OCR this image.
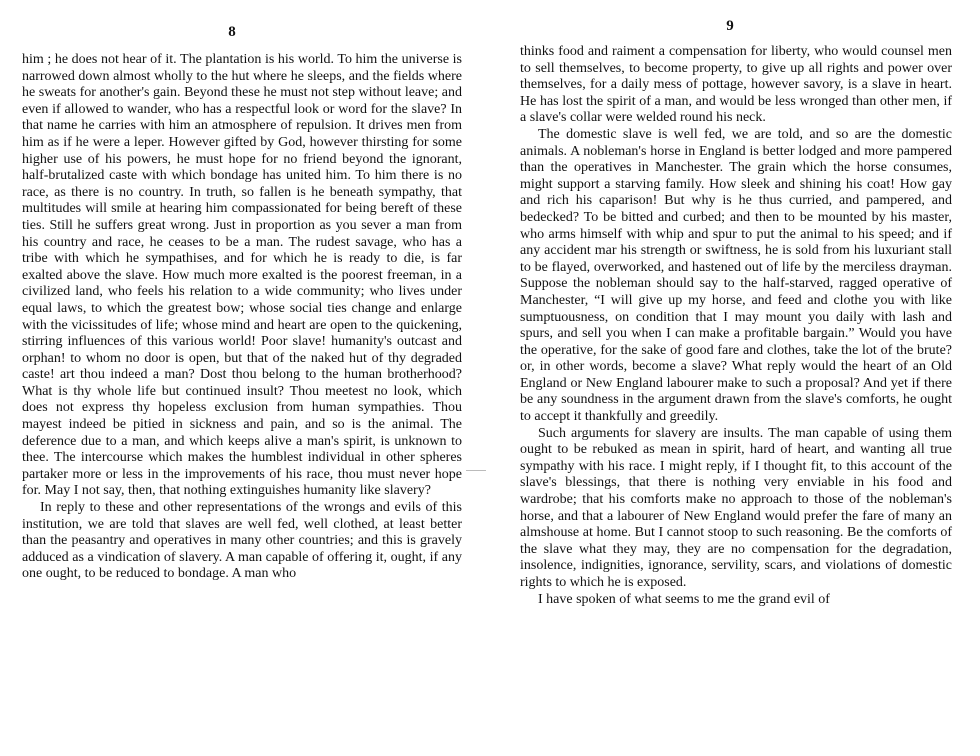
8

him ; he does not hear of it. The plantation is his world. To him the universe is narrowed down almost wholly to the hut where he sleeps, and the fields where he sweats for another's gain. Beyond these he must not step without leave; and even if allowed to wander, who has a respectful look or word for the slave? In that name he carries with him an atmosphere of repulsion. It drives men from him as if he were a leper. However gifted by God, however thirsting for some higher use of his powers, he must hope for no friend beyond the ignorant, half-brutalized caste with which bondage has united him. To him there is no race, as there is no country. In truth, so fallen is he beneath sympathy, that multitudes will smile at hearing him compassionated for being bereft of these ties. Still he suffers great wrong. Just in proportion as you sever a man from his country and race, he ceases to be a man. The rudest savage, who has a tribe with which he sympathises, and for which he is ready to die, is far exalted above the slave. How much more exalted is the poorest freeman, in a civilized land, who feels his relation to a wide community; who lives under equal laws, to which the greatest bow; whose social ties change and enlarge with the vicissitudes of life; whose mind and heart are open to the quickening, stirring influences of this various world! Poor slave! humanity's outcast and orphan! to whom no door is open, but that of the naked hut of thy degraded caste! art thou indeed a man? Dost thou belong to the human brotherhood? What is thy whole life but continued insult? Thou meetest no look, which does not express thy hopeless exclusion from human sympathies. Thou mayest indeed be pitied in sickness and pain, and so is the animal. The deference due to a man, and which keeps alive a man's spirit, is unknown to thee. The intercourse which makes the humblest individual in other spheres partaker more or less in the improvements of his race, thou must never hope for. May I not say, then, that nothing extinguishes humanity like slavery?

In reply to these and other representations of the wrongs and evils of this institution, we are told that slaves are well fed, well clothed, at least better than the peasantry and operatives in many other countries; and this is gravely adduced as a vindication of slavery. A man capable of offering it, ought, if any one ought, to be reduced to bondage. A man who

9

thinks food and raiment a compensation for liberty, who would counsel men to sell themselves, to become property, to give up all rights and power over themselves, for a daily mess of pottage, however savory, is a slave in heart. He has lost the spirit of a man, and would be less wronged than other men, if a slave's collar were welded round his neck.

The domestic slave is well fed, we are told, and so are the domestic animals. A nobleman's horse in England is better lodged and more pampered than the operatives in Manchester. The grain which the horse consumes, might support a starving family. How sleek and shining his coat! How gay and rich his caparison! But why is he thus curried, and pampered, and bedecked? To be bitted and curbed; and then to be mounted by his master, who arms himself with whip and spur to put the animal to his speed; and if any accident mar his strength or swiftness, he is sold from his luxuriant stall to be flayed, overworked, and hastened out of life by the merciless drayman. Suppose the nobleman should say to the half-starved, ragged operative of Manchester, “I will give up my horse, and feed and clothe you with like sumptuousness, on condition that I may mount you daily with lash and spurs, and sell you when I can make a profitable bargain.” Would you have the operative, for the sake of good fare and clothes, take the lot of the brute? or, in other words, become a slave? What reply would the heart of an Old England or New England labourer make to such a proposal? And yet if there be any soundness in the argument drawn from the slave's comforts, he ought to accept it thankfully and greedily.

Such arguments for slavery are insults. The man capable of using them ought to be rebuked as mean in spirit, hard of heart, and wanting all true sympathy with his race. I might reply, if I thought fit, to this account of the slave's blessings, that there is nothing very enviable in his food and wardrobe; that his comforts make no approach to those of the nobleman's horse, and that a labourer of New England would prefer the fare of many an almshouse at home. But I cannot stoop to such reasoning. Be the comforts of the slave what they may, they are no compensation for the degradation, insolence, indignities, ignorance, servility, scars, and violations of domestic rights to which he is exposed.

I have spoken of what seems to me the grand evil of
